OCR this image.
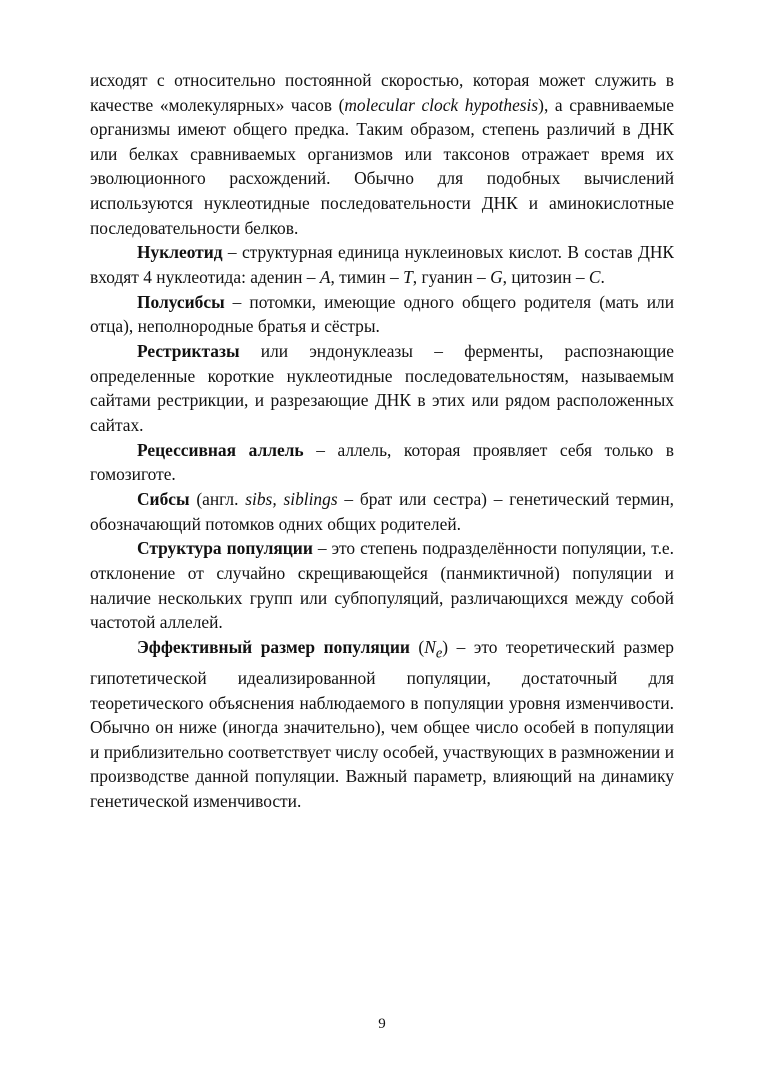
исходят с относительно постоянной скоростью, которая может служить в качестве «молекулярных» часов (molecular clock hypothesis), а сравниваемые организмы имеют общего предка. Таким образом, степень различий в ДНК или белках сравниваемых организмов или таксонов отражает время их эволюционного расхождений. Обычно для подобных вычислений используются нуклеотидные последовательности ДНК и аминокислотные последовательности белков.

Нуклеотид – структурная единица нуклеиновых кислот. В состав ДНК входят 4 нуклеотида: аденин – A, тимин – T, гуанин – G, цитозин – C.

Полусибсы – потомки, имеющие одного общего родителя (мать или отца), неполнородные братья и сёстры.

Рестриктазы или эндонуклеазы – ферменты, распознающие определенные короткие нуклеотидные последовательностям, называемым сайтами рестрикции, и разрезающие ДНК в этих или рядом расположенных сайтах.

Рецессивная аллель – аллель, которая проявляет себя только в гомозиготе.

Сибсы (англ. sibs, siblings – брат или сестра) – генетический термин, обозначающий потомков одних общих родителей.

Структура популяции – это степень подразделённости популяции, т.е. отклонение от случайно скрещивающейся (панмиктичной) популяции и наличие нескольких групп или субпопуляций, различающихся между собой частотой аллелей.

Эффективный размер популяции $(N_e)$ – это теоретический размер гипотетической идеализированной популяции, достаточный для теоретического объяснения наблюдаемого в популяции уровня изменчивости. Обычно он ниже (иногда значительно), чем общее число особей в популяции и приблизительно соответствует числу особей, участвующих в размножении и производстве данной популяции. Важный параметр, влияющий на динамику генетической изменчивости.

9
